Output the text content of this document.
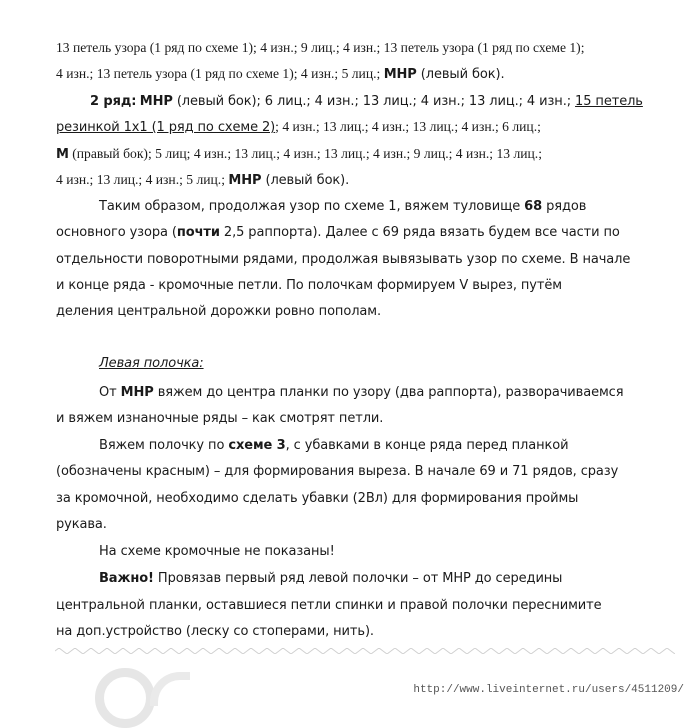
13 петель узора (1 ряд по схеме 1); 4 изн.; 9 лиц.; 4 изн.; 13 петель узора (1 ряд по схеме 1);
4 изн.; 13 петель узора (1 ряд по схеме 1); 4 изн.; 5 лиц.; МНР (левый бок).
2 ряд: МНР (левый бок); 6 лиц.; 4 изн.; 13 лиц.; 4 изн.; 13 лиц.; 4 изн.; 15 петель
резинкой 1х1 (1 ряд по схеме 2); 4 изн.; 13 лиц.; 4 изн.; 13 лиц.; 4 изн.; 6 лиц.;
М (правый бок); 5 лиц; 4 изн.; 13 лиц.; 4 изн.; 13 лиц.; 4 изн.; 9 лиц.; 4 изн.; 13 лиц.;
4 изн.; 13 лиц.; 4 изн.; 5 лиц.; МНР (левый бок).
Таким образом, продолжая узор по схеме 1, вяжем туловище 68 рядов
основного узора (почти 2,5 раппорта). Далее с 69 ряда вязать будем все части по
отдельности поворотными рядами, продолжая вывязывать узор по схеме. В начале
и конце ряда - кромочные петли. По полочкам формируем V вырез, путём
деления центральной дорожки ровно пополам.
Левая полочка:
От МНР вяжем до центра планки по узору (два раппорта), разворачиваемся
и вяжем изнаночные ряды – как смотрят петли.
Вяжем полочку по схеме 3, с убавками в конце ряда перед планкой
(обозначены красным) – для формирования выреза. В начале 69 и 71 рядов, сразу
за кромочной, необходимо сделать убавки (2Вл) для формирования проймы
рукава.
На схеме кромочные не показаны!
Важно! Провязав первый ряд левой полочки – от МНР до середины
центральной планки, оставшиеся петли спинки и правой полочки переснимите
на доп.устройство (леску со стоперами, нить).
http://www.liveinternet.ru/users/4511209/
